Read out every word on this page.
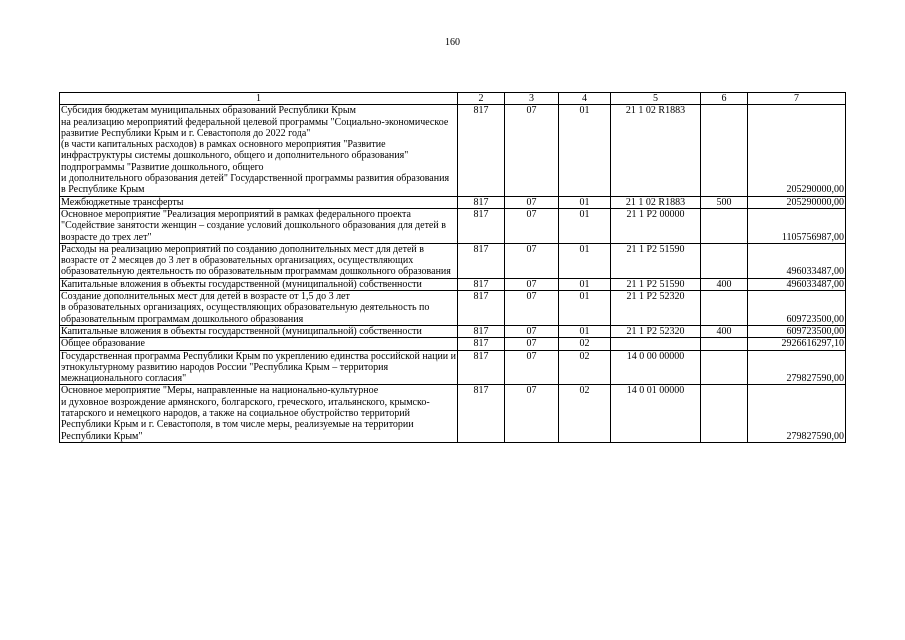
160
1	2	3	4	5	6	7
Субсидия бюджетам муниципальных образований Республики Крым
на реализацию мероприятий федеральной целевой программы "Социально-экономическое развитие Республики Крым и г. Севастополя до 2022 года"
(в части капитальных расходов) в рамках основного мероприятия "Развитие инфраструктуры системы дошкольного, общего и дополнительного образования" подпрограммы "Развитие дошкольного, общего
и дополнительного образования детей" Государственной программы развития образования в Республике Крым	817	07	01	21 1 02 R1883		205290000,00
Межбюджетные трансферты	817	07	01	21 1 02 R1883	500	205290000,00
Основное мероприятие "Реализация мероприятий в рамках федерального проекта "Содействие занятости женщин – создание условий дошкольного образования для детей в возрасте до трех лет"	817	07	01	21 1 P2 00000		1105756987,00
Расходы на реализацию мероприятий по созданию дополнительных мест для детей в возрасте от 2 месяцев до 3 лет в образовательных организациях, осуществляющих образовательную деятельность по образовательным программам дошкольного образования	817	07	01	21 1 P2 51590		496033487,00
Капитальные вложения в объекты государственной (муниципальной) собственности	817	07	01	21 1 P2 51590	400	496033487,00
Создание дополнительных мест для детей в возрасте от 1,5 до 3 лет
в образовательных организациях, осуществляющих образовательную деятельность по образовательным программам дошкольного образования	817	07	01	21 1 P2 52320		609723500,00
Капитальные вложения в объекты государственной (муниципальной) собственности	817	07	01	21 1 P2 52320	400	609723500,00
Общее образование	817	07	02			2926616297,10
Государственная программа Республики Крым по укреплению единства российской нации и этнокультурному развитию народов России "Республика Крым – территория межнационального согласия"	817	07	02	14 0 00 00000		279827590,00
Основное мероприятие "Меры, направленные на национально-культурное
и духовное возрождение армянского, болгарского, греческого, итальянского, крымско-татарского и немецкого народов, а также на социальное обустройство территорий Республики Крым и г. Севастополя, в том числе меры, реализуемые на территории Республики Крым"	817	07	02	14 0 01 00000		279827590,00
